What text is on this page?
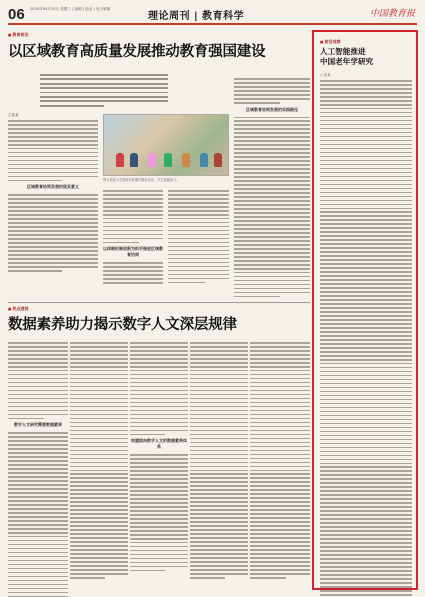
06 2024年04月10日 星期三 | 编辑 | 电话 | 电子邮箱
理论周刊 | 教育科学	中国教育报
■ 教育前沿
以区域教育高质量发展推动教育强国建设
王某某
区域教育协同发展的现实意义
图为某地小学教师开展课后服务活动，学生积极参与。
以体制机制创新为抓手推进区域教育协同
区域教育协同发展的实践路径
■ 热点透视
数据素养助力揭示数字人文深层规律
数字人文研究需要数据素养
构建面向数字人文的数据素养体系
■ 前沿观察
人工智能推进
中国老年学研究
□ 张某
